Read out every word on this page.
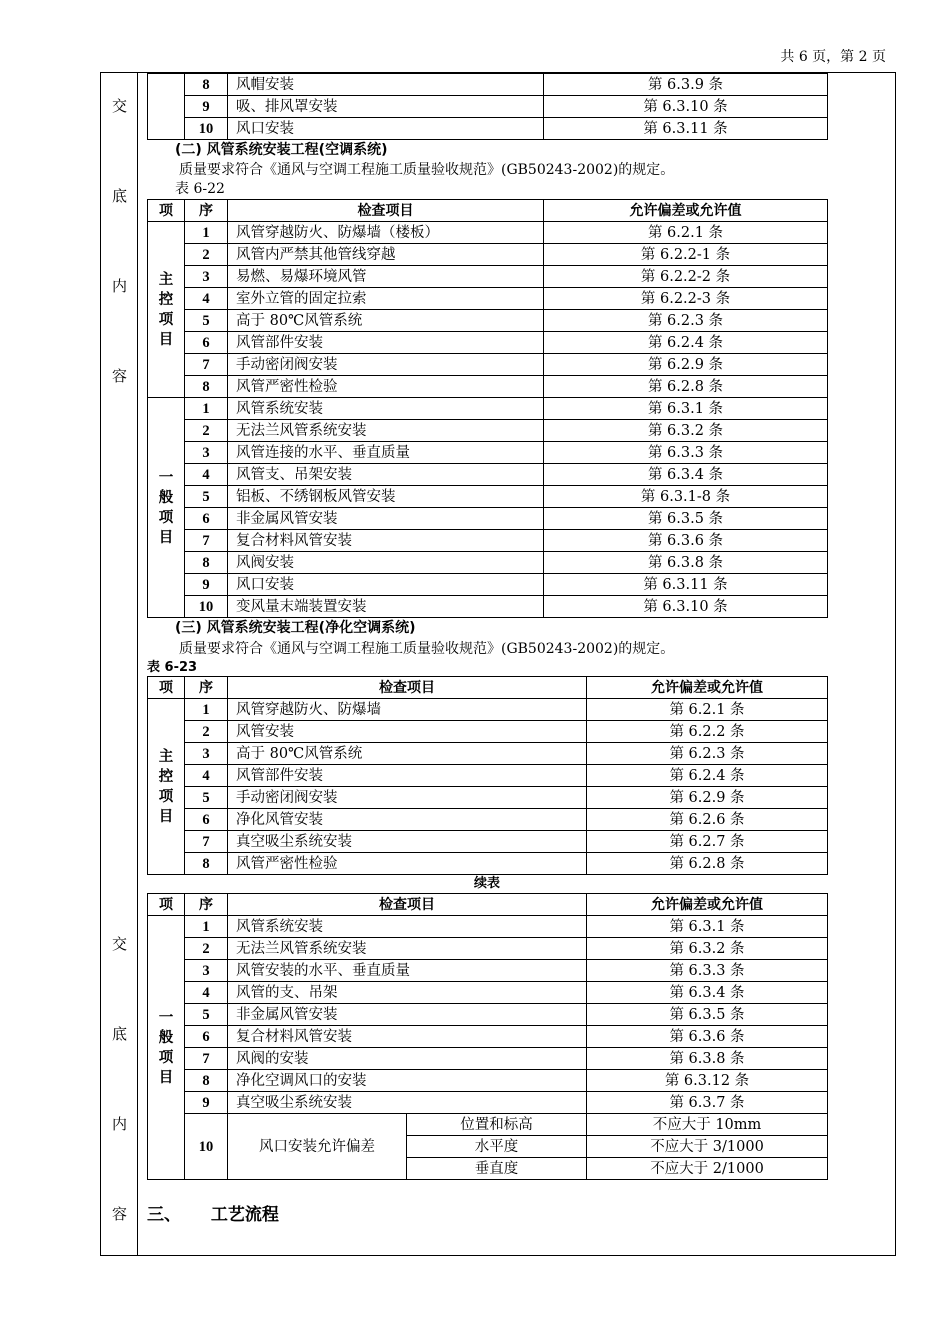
共 6 页，第 2 页
交
底
内
容
交
底
内
容
	8	风帽安装	第 6.3.9 条
	9	吸、排风罩安装	第 6.3.10 条
	10	风口安装	第 6.3.11 条
(二) 风管系统安装工程(空调系统)
质量要求符合《通风与空调工程施工质量验收规范》(GB50243-2002)的规定。
表 6-22
项	序	检查项目	允许偏差或允许值
主
控
项
目	1	风管穿越防火、防爆墙（楼板）	第 6.2.1 条
	2	风管内严禁其他管线穿越	第 6.2.2-1 条
	3	易燃、易爆环境风管	第 6.2.2-2 条
	4	室外立管的固定拉索	第 6.2.2-3 条
	5	高于 80℃风管系统	第 6.2.3 条
	6	风管部件安装	第 6.2.4 条
	7	手动密闭阀安装	第 6.2.9 条
	8	风管严密性检验	第 6.2.8 条
一
般
项
目	1	风管系统安装	第 6.3.1 条
	2	无法兰风管系统安装	第 6.3.2 条
	3	风管连接的水平、垂直质量	第 6.3.3 条
	4	风管支、吊架安装	第 6.3.4 条
	5	铝板、不绣钢板风管安装	第 6.3.1-8 条
	6	非金属风管安装	第 6.3.5 条
	7	复合材料风管安装	第 6.3.6 条
	8	风阀安装	第 6.3.8 条
	9	风口安装	第 6.3.11 条
	10	变风量末端装置安装	第 6.3.10 条
(三) 风管系统安装工程(净化空调系统)
质量要求符合《通风与空调工程施工质量验收规范》(GB50243-2002)的规定。
表 6-23
项	序	检查项目	允许偏差或允许值
主
控
项
目	1	风管穿越防火、防爆墙	第 6.2.1 条
	2	风管安装	第 6.2.2 条
	3	高于 80℃风管系统	第 6.2.3 条
	4	风管部件安装	第 6.2.4 条
	5	手动密闭阀安装	第 6.2.9 条
	6	净化风管安装	第 6.2.6 条
	7	真空吸尘系统安装	第 6.2.7 条
	8	风管严密性检验	第 6.2.8 条
续表
项	序	检查项目		允许偏差或允许值
一
般
项
目	1	风管系统安装		第 6.3.1 条
	2	无法兰风管系统安装		第 6.3.2 条
	3	风管安装的水平、垂直质量		第 6.3.3 条
	4	风管的支、吊架		第 6.3.4 条
	5	非金属风管安装		第 6.3.5 条
	6	复合材料风管安装		第 6.3.6 条
	7	风阀的安装		第 6.3.8 条
	8	净化空调风口的安装		第 6.3.12 条
	9	真空吸尘系统安装		第 6.3.7 条
	10	风口安装允许偏差	位置和标高	不应大于 10mm
			水平度	不应大于 3/1000
			垂直度	不应大于 2/1000
三、 工艺流程
